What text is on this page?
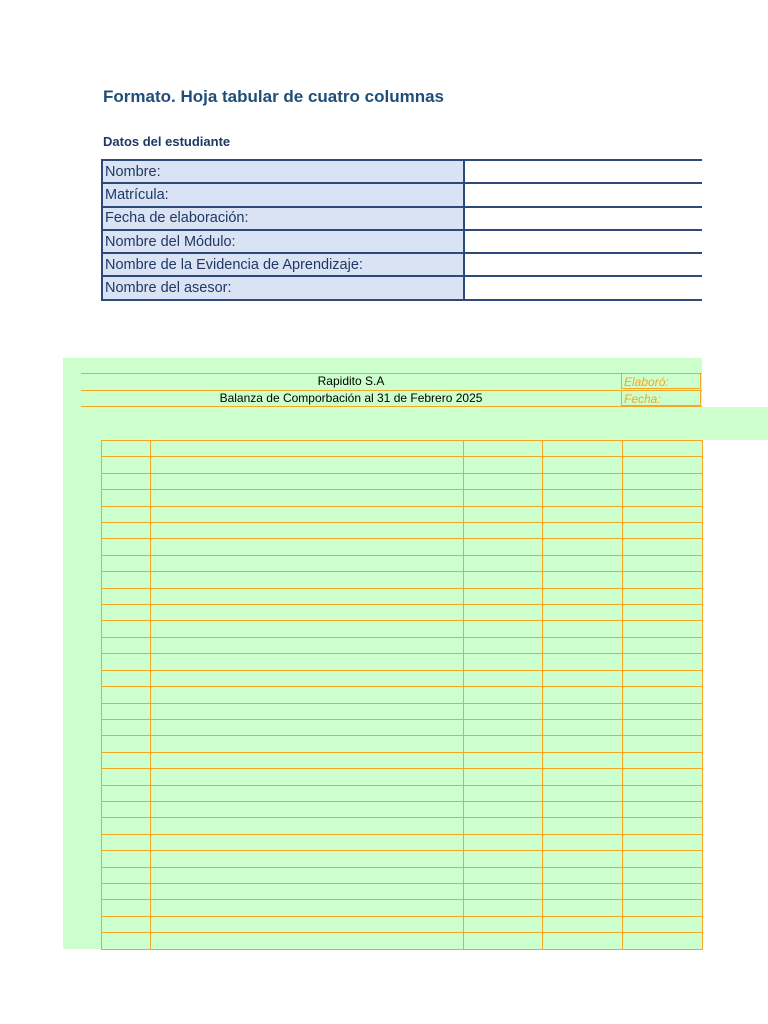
Formato. Hoja tabular de cuatro columnas
Datos del estudiante
Nombre:	
Matrícula:	
Fecha de elaboración:	
Nombre del Módulo:	
Nombre de la Evidencia de Aprendizaje:	
Nombre del asesor:	
Rapidito S.A
Balanza de Comporbación al 31 de Febrero 2025
Elaboró:
Fecha:
